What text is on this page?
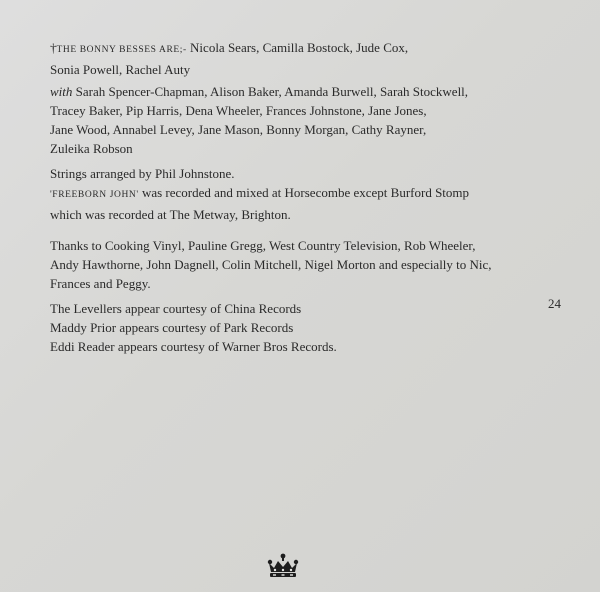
†THE BONNY BESSES ARE;- Nicola Sears, Camilla Bostock, Jude Cox,
Sonia Powell, Rachel Auty
with Sarah Spencer-Chapman, Alison Baker, Amanda Burwell, Sarah Stockwell,
Tracey Baker, Pip Harris, Dena Wheeler, Frances Johnstone, Jane Jones,
Jane Wood, Annabel Levey, Jane Mason, Bonny Morgan, Cathy Rayner,
Zuleika Robson
Strings arranged by Phil Johnstone.
'FREEBORN JOHN' was recorded and mixed at Horsecombe except Burford Stomp
which was recorded at The Metway, Brighton.
Thanks to Cooking Vinyl, Pauline Gregg, West Country Television, Rob Wheeler,
Andy Hawthorne, John Dagnell, Colin Mitchell, Nigel Morton and especially to Nic,
Frances and Peggy.
The Levellers appear courtesy of China Records
Maddy Prior appears courtesy of Park Records
Eddi Reader appears courtesy of Warner Bros Records.
24
